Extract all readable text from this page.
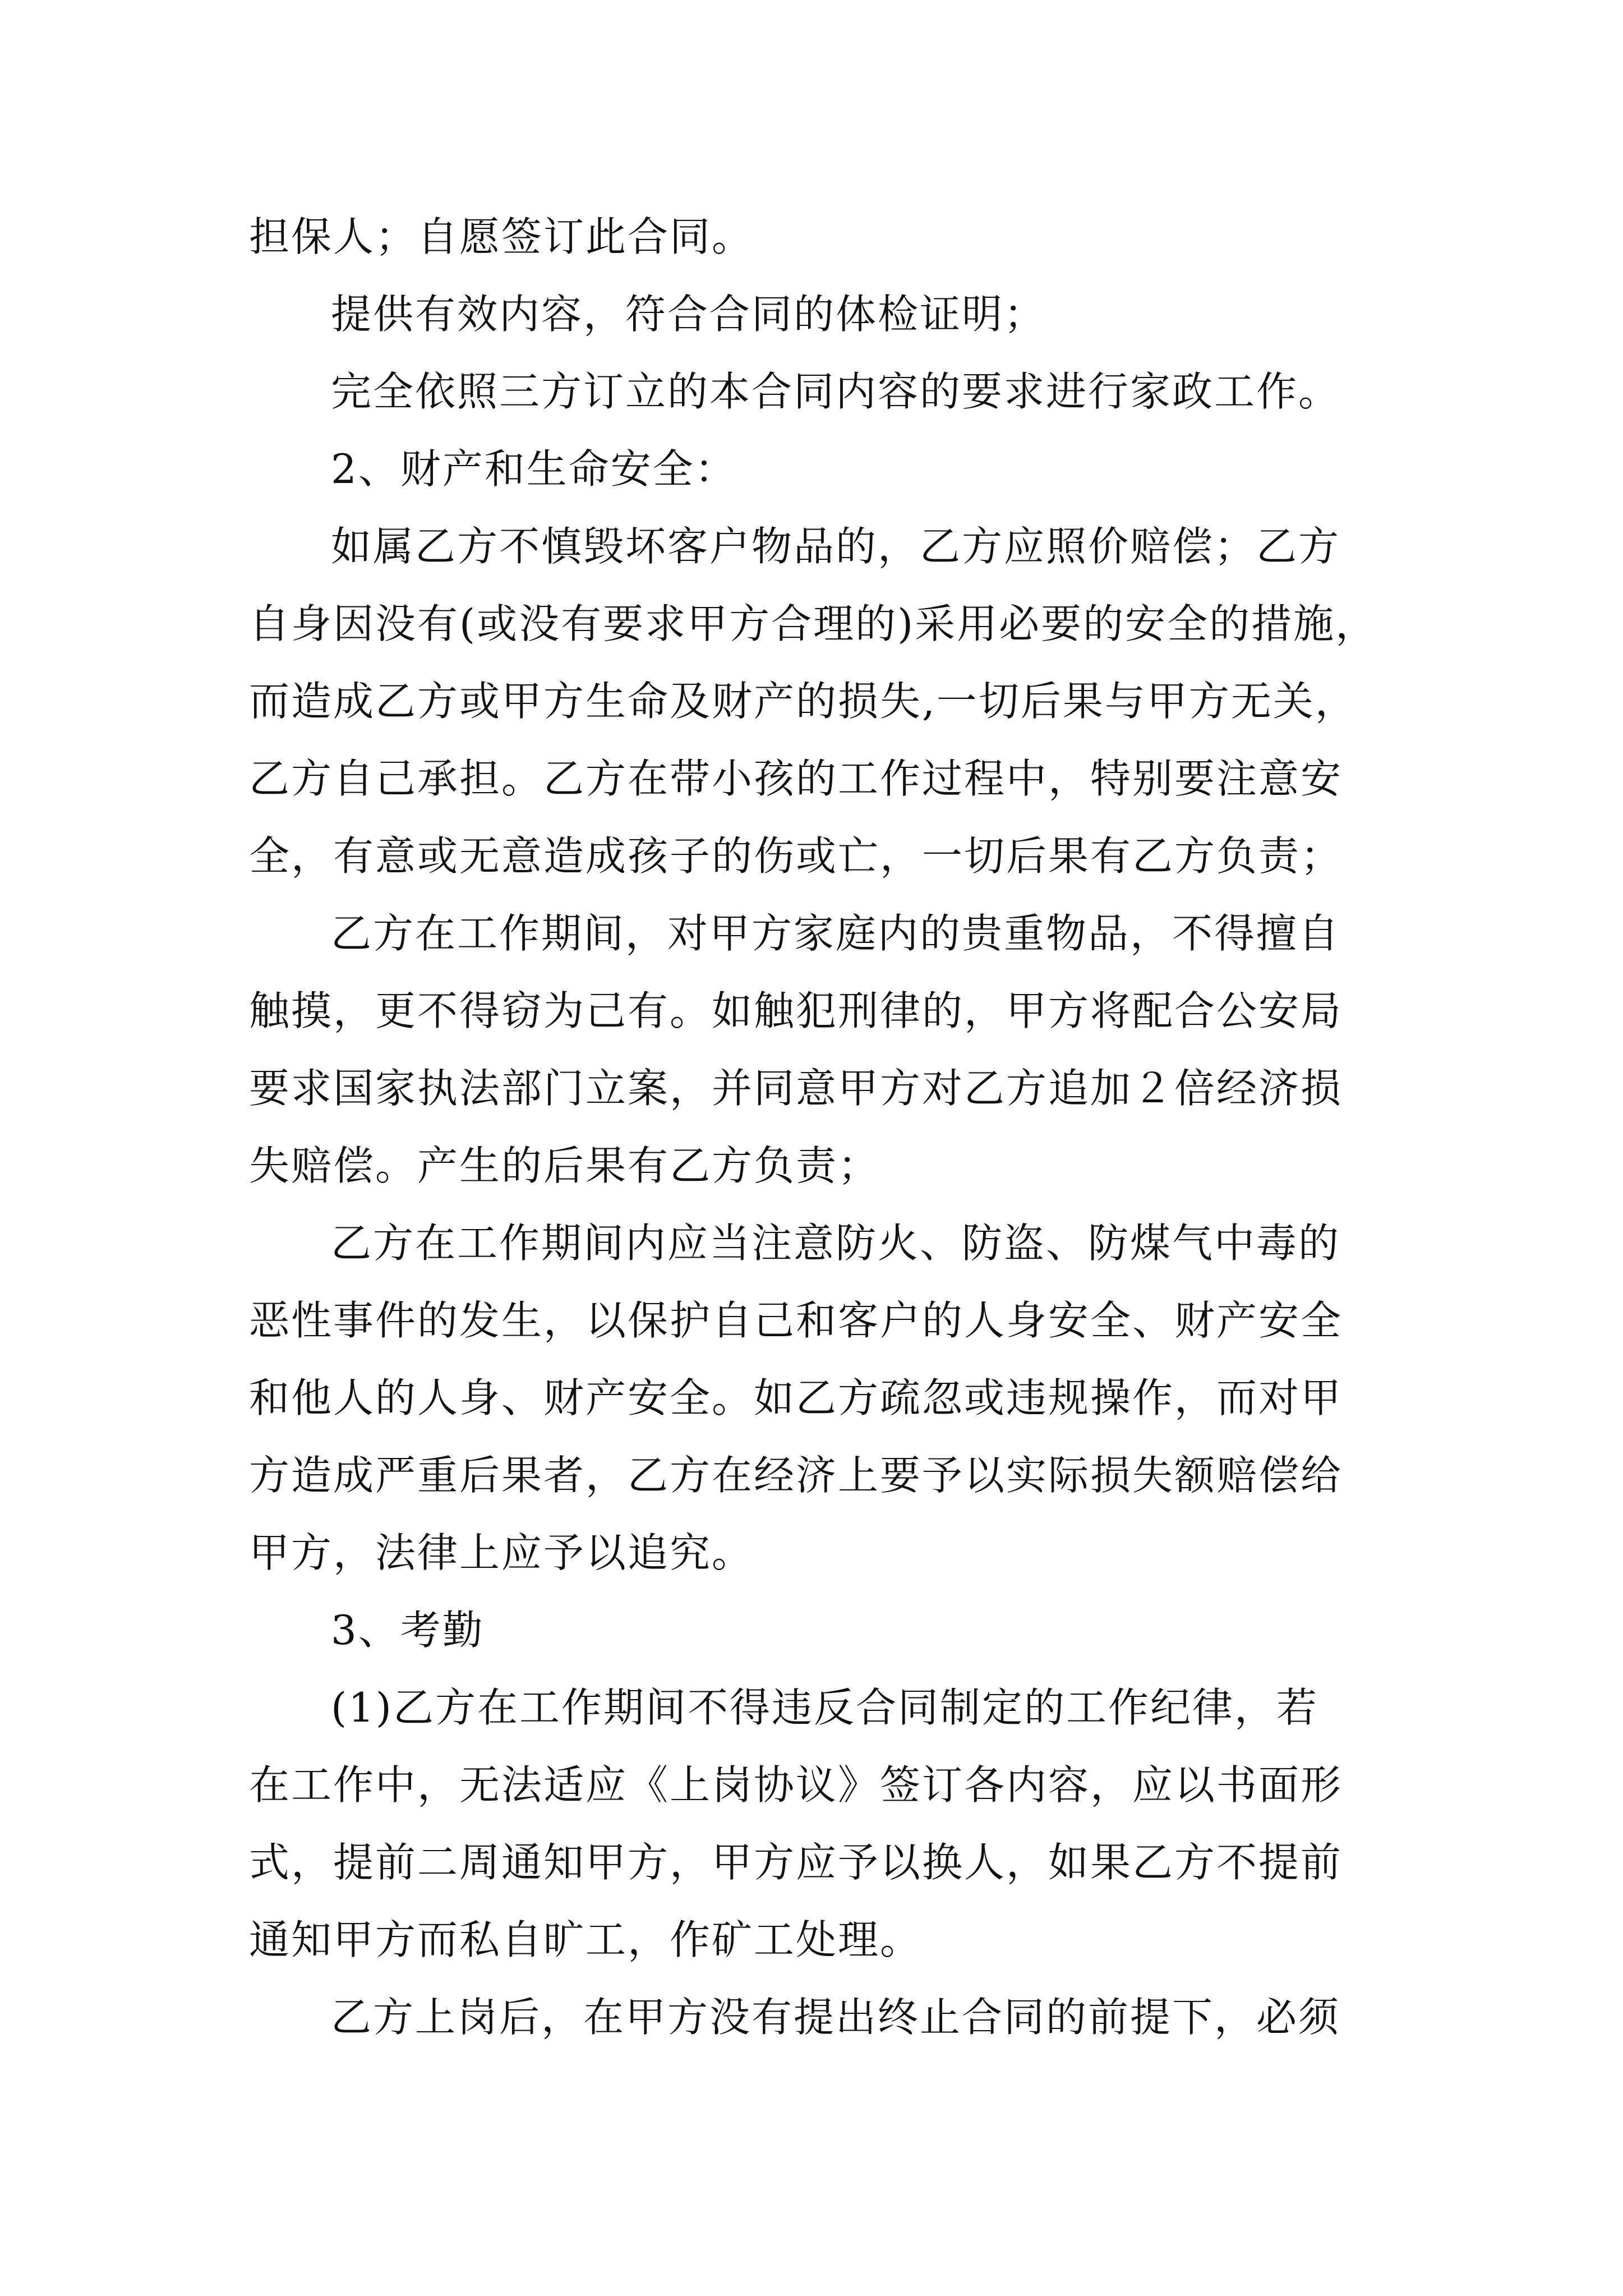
担保人；自愿签订此合同。
提供有效内容，符合合同的体检证明；
完全依照三方订立的本合同内容的要求进行家政工作。
2、财产和生命安全：
如属乙方不慎毁坏客户物品的，乙方应照价赔偿；乙方
自身因没有(或没有要求甲方合理的)采用必要的安全的措施，
而造成乙方或甲方生命及财产的损失,一切后果与甲方无关，
乙方自己承担。乙方在带小孩的工作过程中，特别要注意安
全，有意或无意造成孩子的伤或亡，一切后果有乙方负责；
乙方在工作期间，对甲方家庭内的贵重物品，不得擅自
触摸，更不得窃为己有。如触犯刑律的，甲方将配合公安局
要求国家执法部门立案，并同意甲方对乙方追加２倍经济损
失赔偿。产生的后果有乙方负责；
乙方在工作期间内应当注意防火、防盗、防煤气中毒的
恶性事件的发生，以保护自己和客户的人身安全、财产安全
和他人的人身、财产安全。如乙方疏忽或违规操作，而对甲
方造成严重后果者，乙方在经济上要予以实际损失额赔偿给
甲方，法律上应予以追究。
3、考勤
(1)乙方在工作期间不得违反合同制定的工作纪律，若
在工作中，无法适应《上岗协议》签订各内容，应以书面形
式，提前二周通知甲方，甲方应予以换人，如果乙方不提前
通知甲方而私自旷工，作矿工处理。
乙方上岗后，在甲方没有提出终止合同的前提下，必须
